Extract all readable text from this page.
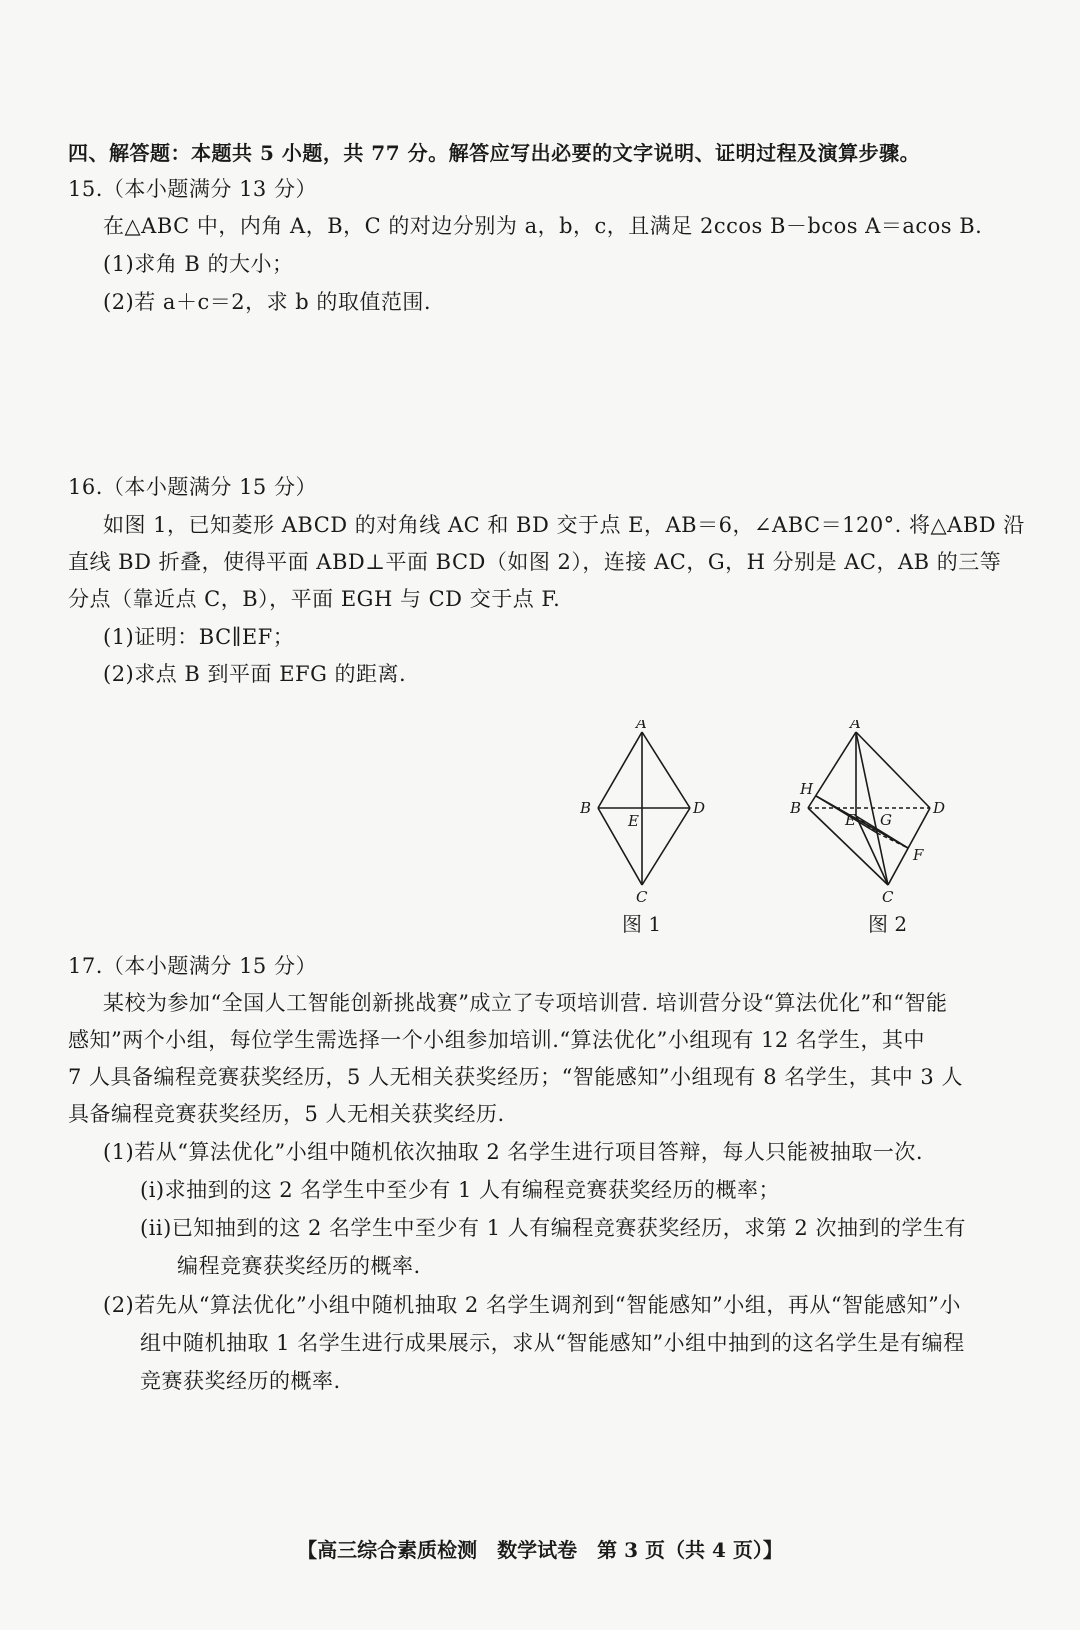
四、解答题：本题共 5 小题，共 77 分。解答应写出必要的文字说明、证明过程及演算步骤。
15.（本小题满分 13 分）
在△ABC 中，内角 A，B，C 的对边分别为 a，b，c，且满足 2ccos B－bcos A＝acos B.
(1)求角 B 的大小；
(2)若 a＋c＝2，求 b 的取值范围.
16.（本小题满分 15 分）
如图 1，已知菱形 ABCD 的对角线 AC 和 BD 交于点 E，AB＝6，∠ABC＝120°. 将△ABD 沿
直线 BD 折叠，使得平面 ABD⊥平面 BCD（如图 2），连接 AC，G，H 分别是 AC，AB 的三等
分点（靠近点 C，B），平面 EGH 与 CD 交于点 F.
(1)证明：BC∥EF；
(2)求点 B 到平面 EFG 的距离.
A
B
C
D
E
图 1
A
B
C
D
E
F
G
H
图 2
17.（本小题满分 15 分）
某校为参加“全国人工智能创新挑战赛”成立了专项培训营. 培训营分设“算法优化”和“智能
感知”两个小组，每位学生需选择一个小组参加培训.“算法优化”小组现有 12 名学生，其中
7 人具备编程竞赛获奖经历，5 人无相关获奖经历；“智能感知”小组现有 8 名学生，其中 3 人
具备编程竞赛获奖经历，5 人无相关获奖经历.
(1)若从“算法优化”小组中随机依次抽取 2 名学生进行项目答辩，每人只能被抽取一次.
(i)求抽到的这 2 名学生中至少有 1 人有编程竞赛获奖经历的概率；
(ii)已知抽到的这 2 名学生中至少有 1 人有编程竞赛获奖经历，求第 2 次抽到的学生有
编程竞赛获奖经历的概率.
(2)若先从“算法优化”小组中随机抽取 2 名学生调剂到“智能感知”小组，再从“智能感知”小
组中随机抽取 1 名学生进行成果展示，求从“智能感知”小组中抽到的这名学生是有编程
竞赛获奖经历的概率.
【高三综合素质检测　数学试卷　第 3 页（共 4 页）】
